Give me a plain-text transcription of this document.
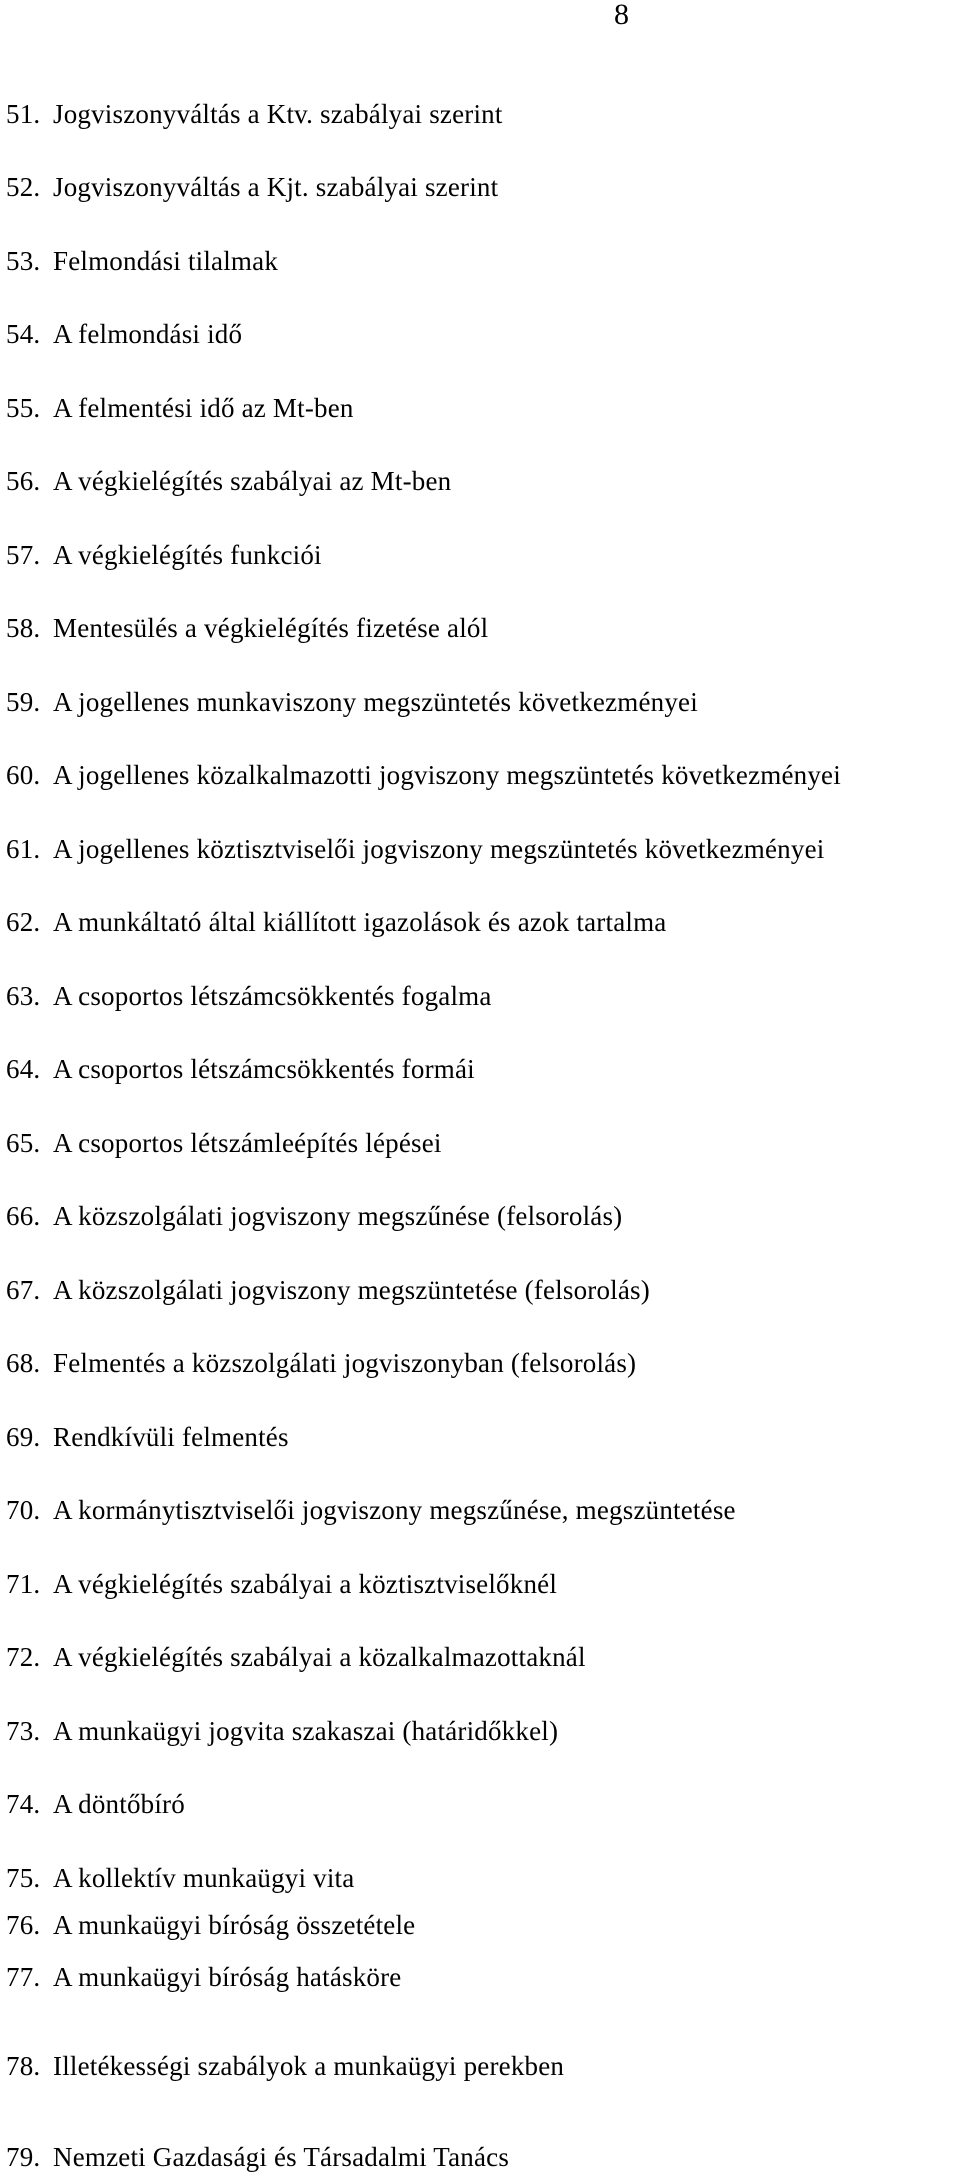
8
51. Jogviszonyváltás a Ktv. szabályai szerint
52. Jogviszonyváltás a Kjt. szabályai szerint
53. Felmondási tilalmak
54. A felmondási idő
55. A felmentési idő az Mt-ben
56. A végkielégítés szabályai az Mt-ben
57. A végkielégítés funkciói
58. Mentesülés a végkielégítés fizetése alól
59. A jogellenes munkaviszony megszüntetés következményei
60. A jogellenes közalkalmazotti jogviszony megszüntetés következményei
61. A jogellenes köztisztviselői jogviszony megszüntetés következményei
62. A munkáltató által kiállított igazolások és azok tartalma
63. A csoportos létszámcsökkentés fogalma
64. A csoportos létszámcsökkentés formái
65. A csoportos létszámleépítés lépései
66. A közszolgálati jogviszony megszűnése (felsorolás)
67. A közszolgálati jogviszony megszüntetése (felsorolás)
68. Felmentés a közszolgálati jogviszonyban (felsorolás)
69. Rendkívüli felmentés
70. A kormánytisztviselői jogviszony megszűnése, megszüntetése
71. A végkielégítés szabályai a köztisztviselőknél
72. A végkielégítés szabályai a közalkalmazottaknál
73. A munkaügyi jogvita szakaszai (határidőkkel)
74. A döntőbíró
75. A kollektív munkaügyi vita
76. A munkaügyi bíróság összetétele
77. A munkaügyi bíróság hatásköre
78. Illetékességi szabályok a munkaügyi perekben
79. Nemzeti Gazdasági és Társadalmi Tanács
